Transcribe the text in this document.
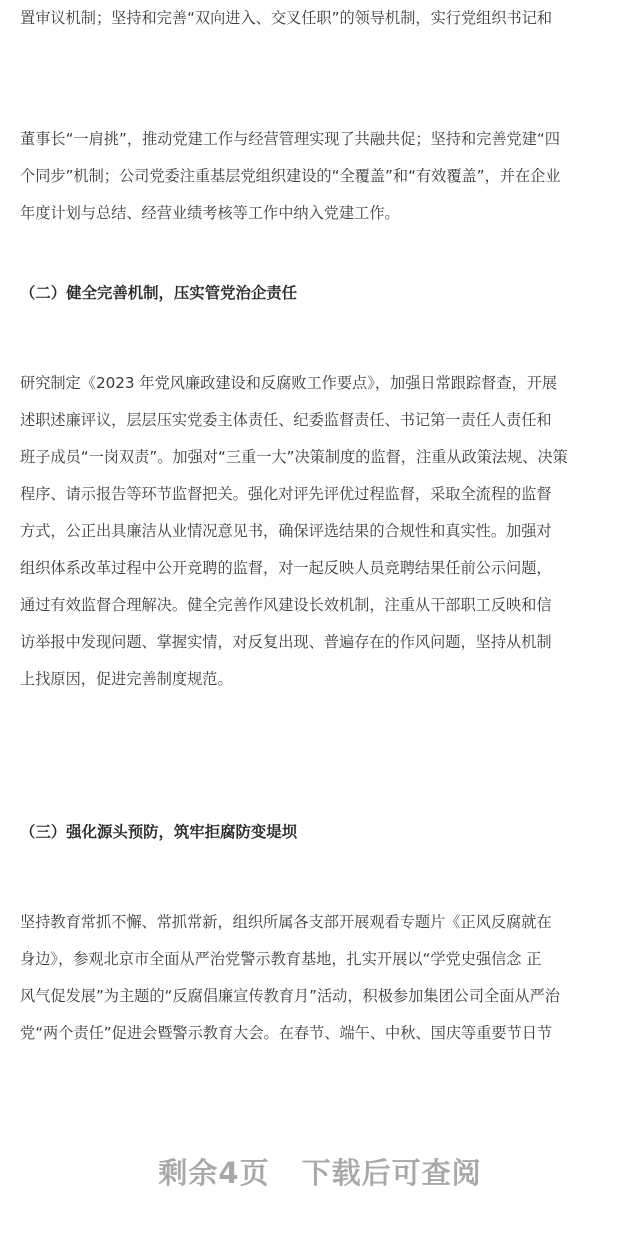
置审议机制；坚持和完善“双向进入、交叉任职”的领导机制，实行党组织书记和
董事长“一肩挑”，推动党建工作与经营管理实现了共融共促；坚持和完善党建“四
个同步”机制；公司党委注重基层党组织建设的“全覆盖”和“有效覆盖”，并在企业
年度计划与总结、经营业绩考核等工作中纳入党建工作。
（二）健全完善机制，压实管党治企责任
研究制定《2023 年党风廉政建设和反腐败工作要点》，加强日常跟踪督查，开展
述职述廉评议，层层压实党委主体责任、纪委监督责任、书记第一责任人责任和
班子成员“一岗双责”。加强对“三重一大”决策制度的监督，注重从政策法规、决策
程序、请示报告等环节监督把关。强化对评先评优过程监督，采取全流程的监督
方式，公正出具廉洁从业情况意见书，确保评选结果的合规性和真实性。加强对
组织体系改革过程中公开竞聘的监督，对一起反映人员竞聘结果任前公示问题，
通过有效监督合理解决。健全完善作风建设长效机制，注重从干部职工反映和信
访举报中发现问题、掌握实情，对反复出现、普遍存在的作风问题，坚持从机制
上找原因，促进完善制度规范。
（三）强化源头预防，筑牢拒腐防变堤坝
坚持教育常抓不懈、常抓常新，组织所属各支部开展观看专题片《正风反腐就在
身边》，参观北京市全面从严治党警示教育基地，扎实开展以“学党史强信念 正
风气促发展”为主题的“反腐倡廉宣传教育月”活动，积极参加集团公司全面从严治
党“两个责任”促进会暨警示教育大会。在春节、端午、中秋、国庆等重要节日节
剩余4页 下载后可查阅
